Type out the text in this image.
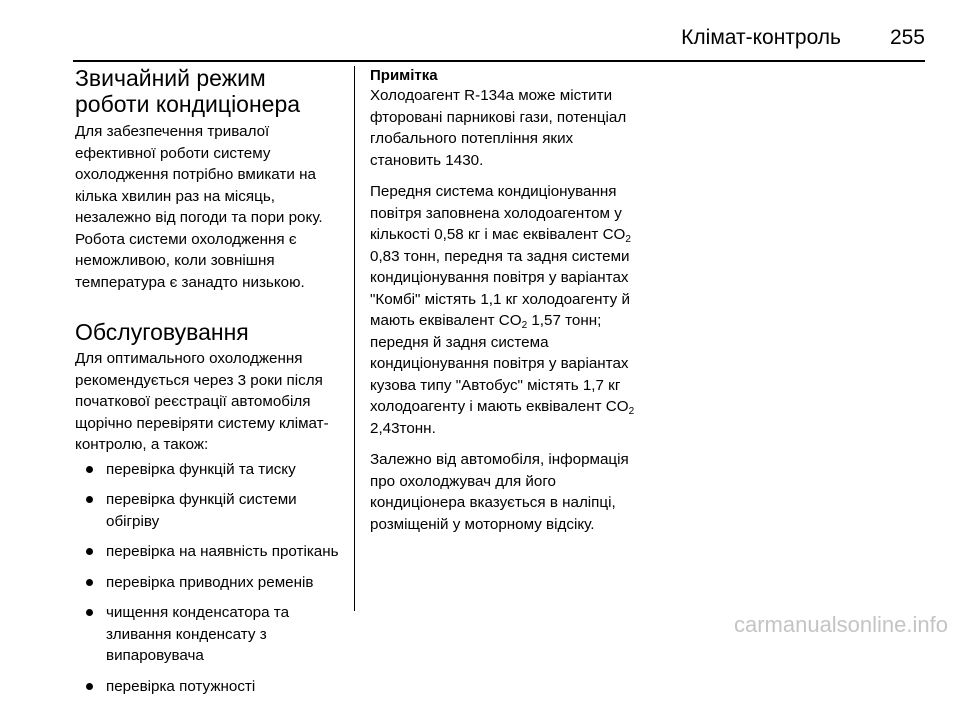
Клімат-контроль 255
Звичайний режим роботи кондиціонера

Для забезпечення тривалої ефективної роботи систему охолодження потрібно вмикати на кілька хвилин раз на місяць, незалежно від погоди та пори року. Робота системи охолодження є неможливою, коли зовнішня температура є занадто низькою.

Обслуговування

Для оптимального охолодження рекомендується через 3 роки після початкової реєстрації автомобіля щорічно перевіряти систему клімат-контролю, а також:

перевірка функцій та тиску
перевірка функцій системи обігріву
перевірка на наявність протікань
перевірка приводних ременів
чищення конденсатора та зливання конденсату з випаровувача
перевірка потужності

Примітка

Холодоагент R-134a може містити фторовані парникові гази, потенціал глобального потепління яких становить 1430.

Передня система кондиціонування повітря заповнена холодоагентом у кількості 0,58 кг і має еквівалент $CO_2$ 0,83 тонн, передня та задня системи кондиціонування повітря у варіантах "Комбі" містять 1,1 кг холодоагенту й мають еквівалент $CO_2$ 1,57 тонн; передня й задня система кондиціонування повітря у варіантах кузова типу "Автобус" містять 1,7 кг холодоагенту і мають еквівалент $CO_2$ 2,43тонн.

Залежно від автомобіля, інформація про охолоджувач для його кондиціонера вказується в наліпці, розміщеній у моторному відсіку.

carmanualsonline.info
